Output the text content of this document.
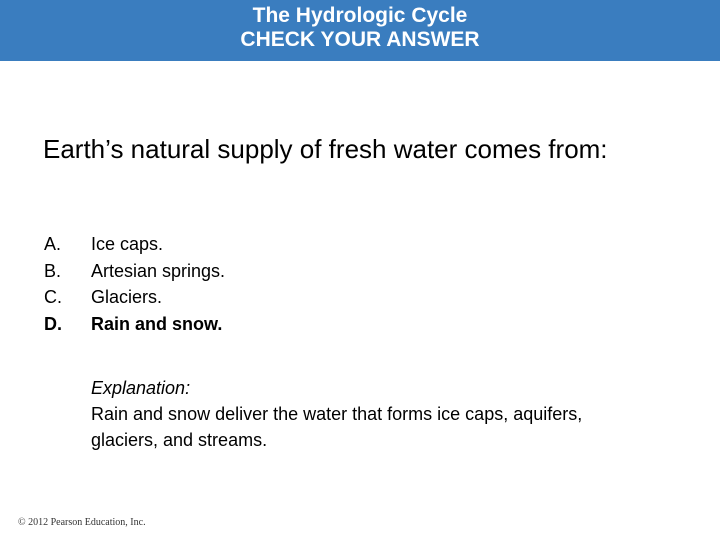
The Hydrologic Cycle
CHECK YOUR ANSWER
Earth’s natural supply of fresh water comes from:
A.	Ice caps.
B.	Artesian springs.
C.	Glaciers.
D.	Rain and snow.
Explanation:
Rain and snow deliver the water that forms ice caps, aquifers, glaciers, and streams.
© 2012 Pearson Education, Inc.
